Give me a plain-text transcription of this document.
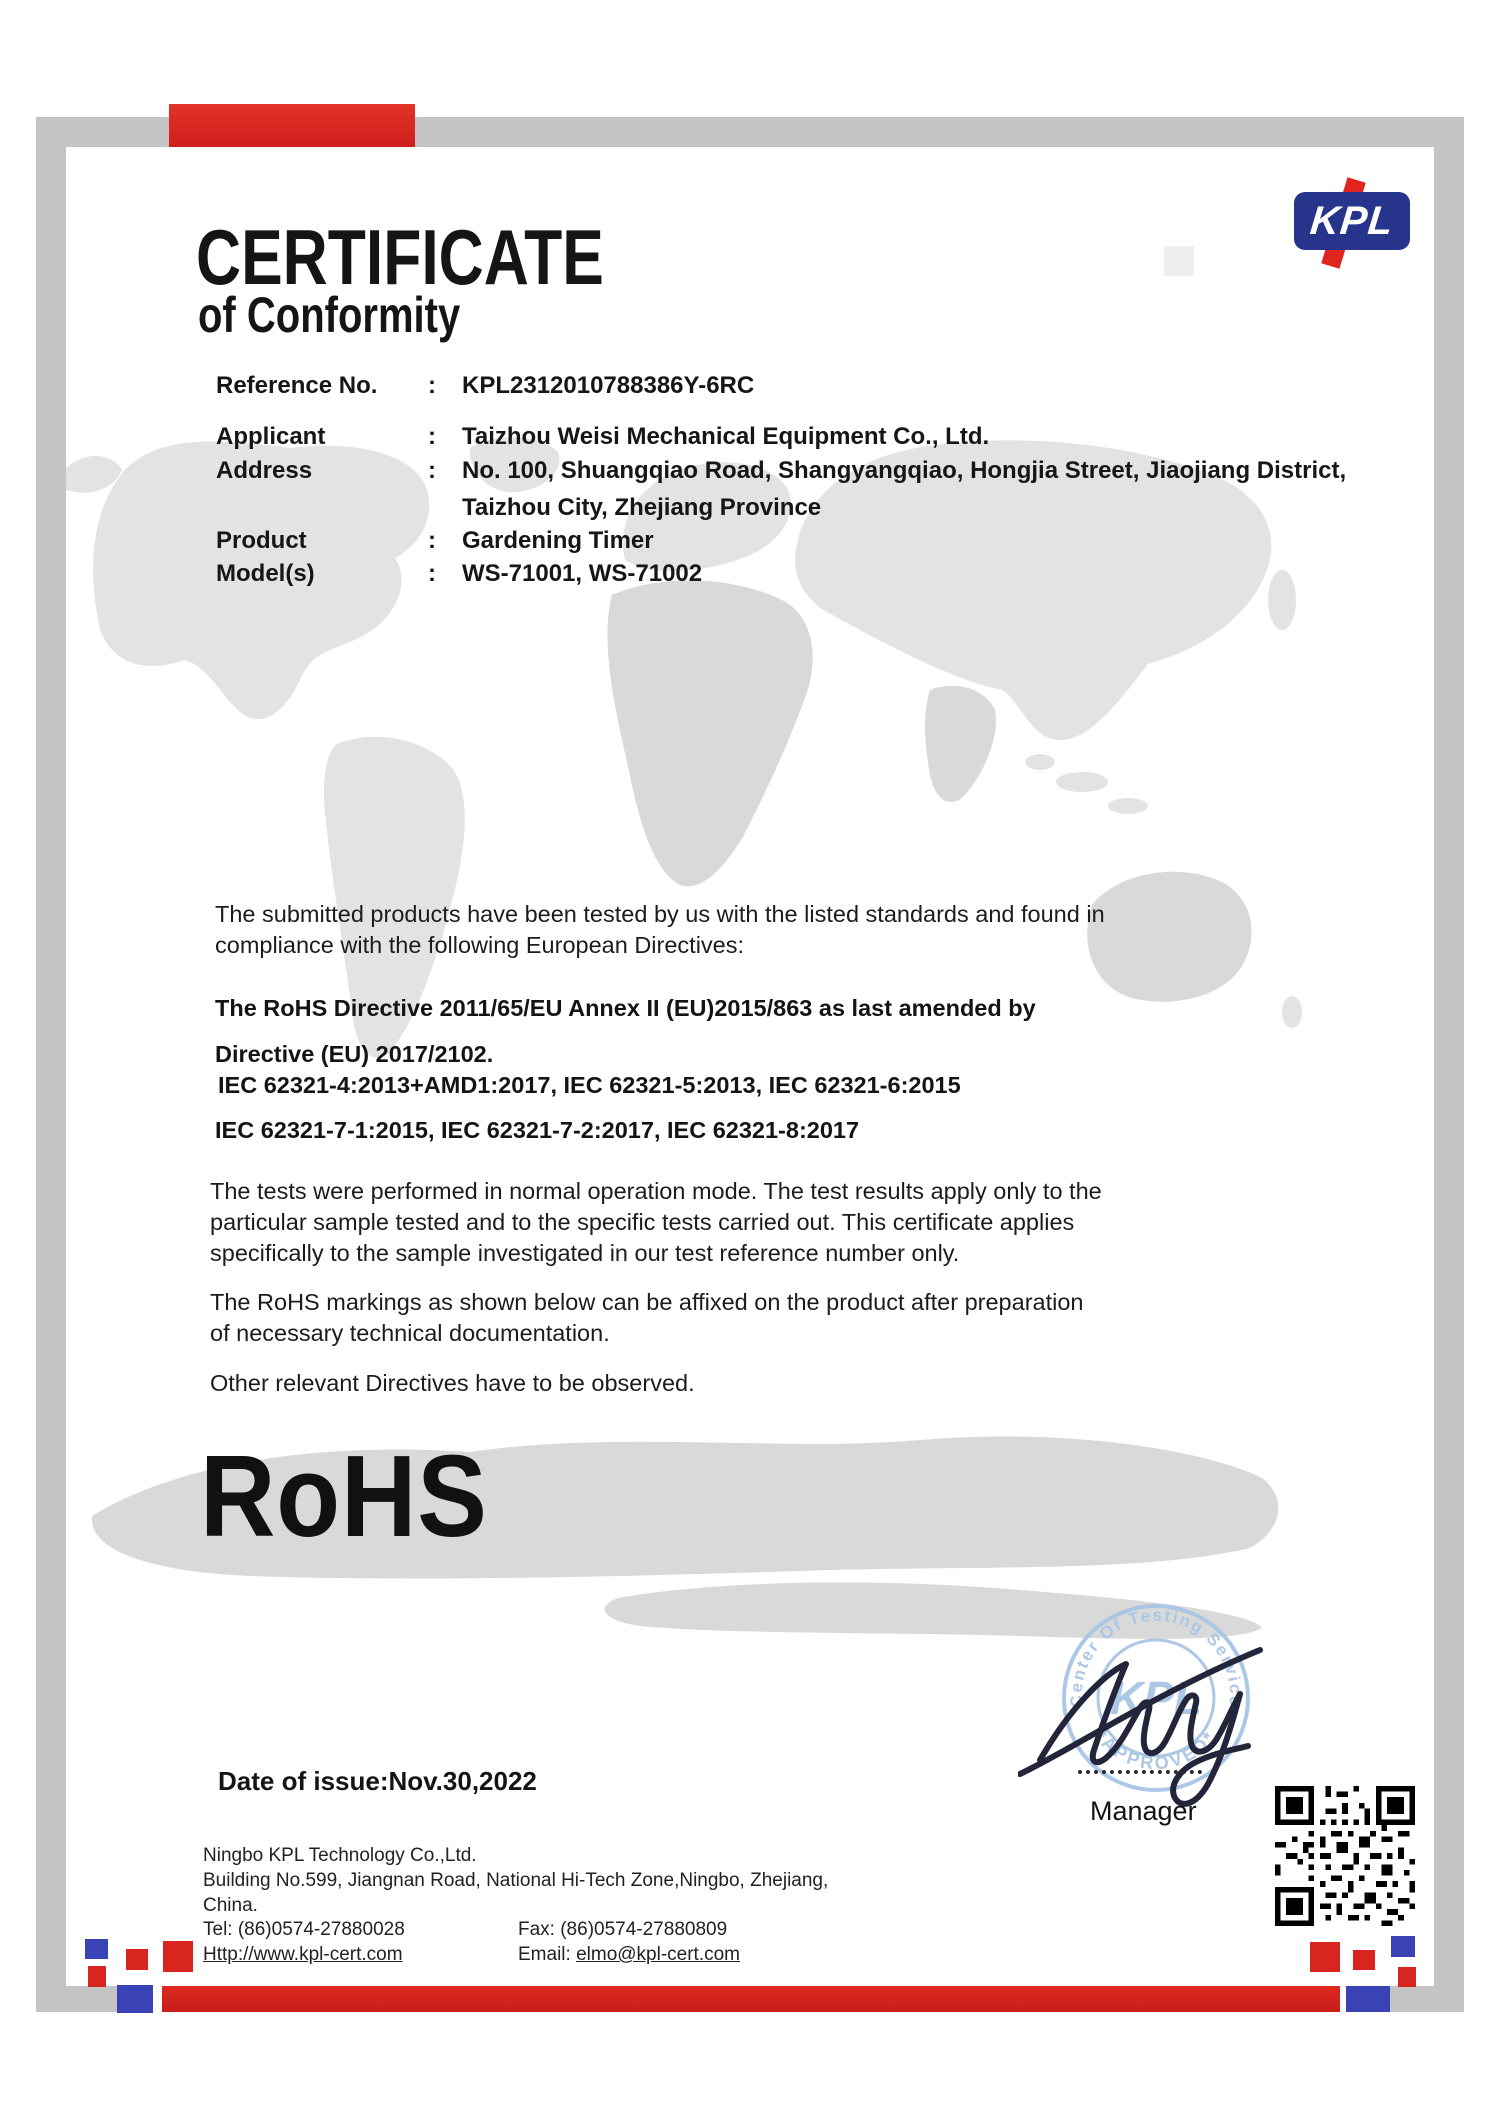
KPL
CERTIFICATE
of Conformity
Reference No. : KPL2312010788386Y-6RC
Applicant	: Taizhou Weisi Mechanical Equipment Co., Ltd.
Address	: No. 100, Shuangqiao Road, Shangyangqiao, Hongjia Street, Jiaojiang District,
Taizhou City, Zhejiang Province
Product	: Gardening Timer
Model(s)	: WS-71001, WS-71002
The submitted products have been tested by us with the listed standards and found in compliance with the following European Directives:
The RoHS Directive 2011/65/EU Annex II (EU)2015/863 as last amended by Directive (EU) 2017/2102.
IEC 62321-4:2013+AMD1:2017, IEC 62321-5:2013, IEC 62321-6:2015
IEC 62321-7-1:2015, IEC 62321-7-2:2017, IEC 62321-8:2017
The tests were performed in normal operation mode. The test results apply only to the particular sample tested and to the specific tests carried out. This certificate applies specifically to the sample investigated in our test reference number only.
The RoHS markings as shown below can be affixed on the product after preparation of necessary technical documentation.
Other relevant Directives have to be observed.
RoHS
Center Of Testing Service
*APPROVED*
KPL
Manager
Date of issue:Nov.30,2022
Ningbo KPL Technology Co.,Ltd.
Building No.599, Jiangnan Road, National Hi-Tech Zone,Ningbo, Zhejiang,
China.
Tel: (86)0574-27880028	Fax: (86)0574-27880809
Http://www.kpl-cert.com	Email: elmo@kpl-cert.com
